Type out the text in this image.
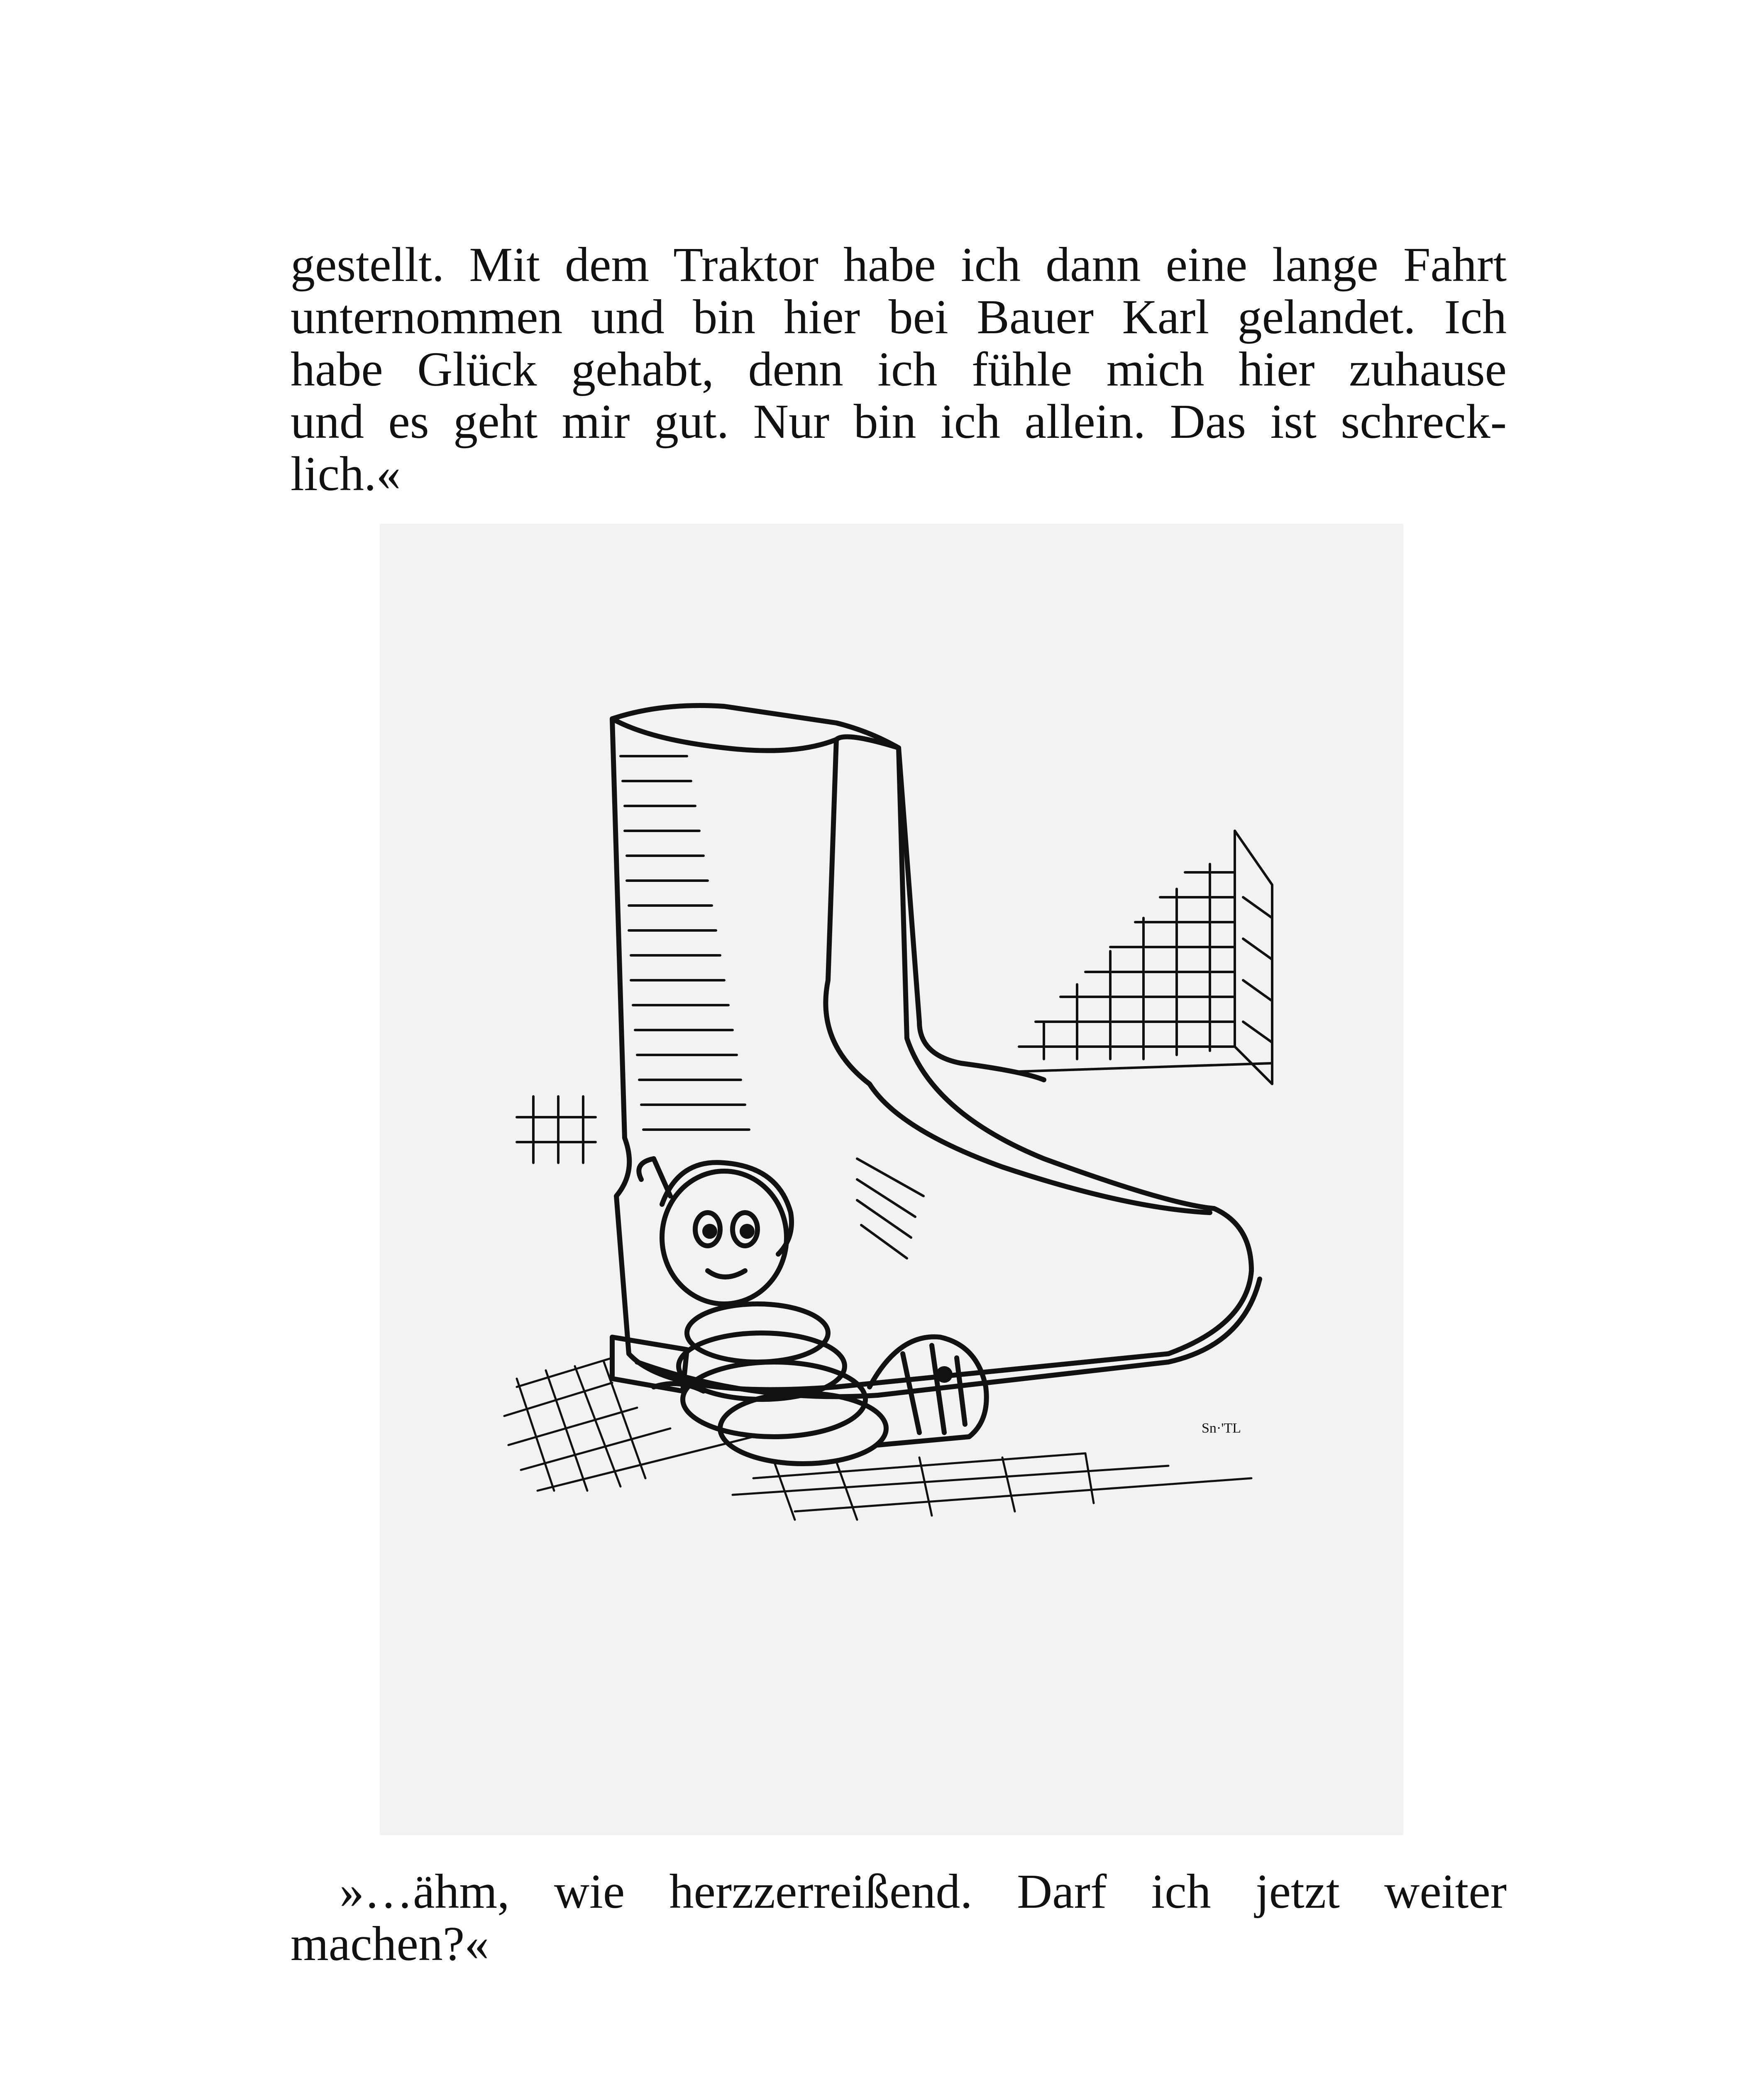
gestellt. Mit dem Traktor habe ich dann eine lange Fahrt
unternommen und bin hier bei Bauer Karl gelandet. Ich
habe Glück gehabt, denn ich fühle mich hier zuhause
und es geht mir gut. Nur bin ich allein. Das ist schreck-
lich.«
Sn·'TL
»…ähm, wie herzzerreißend. Darf ich jetzt weiter
machen?«
